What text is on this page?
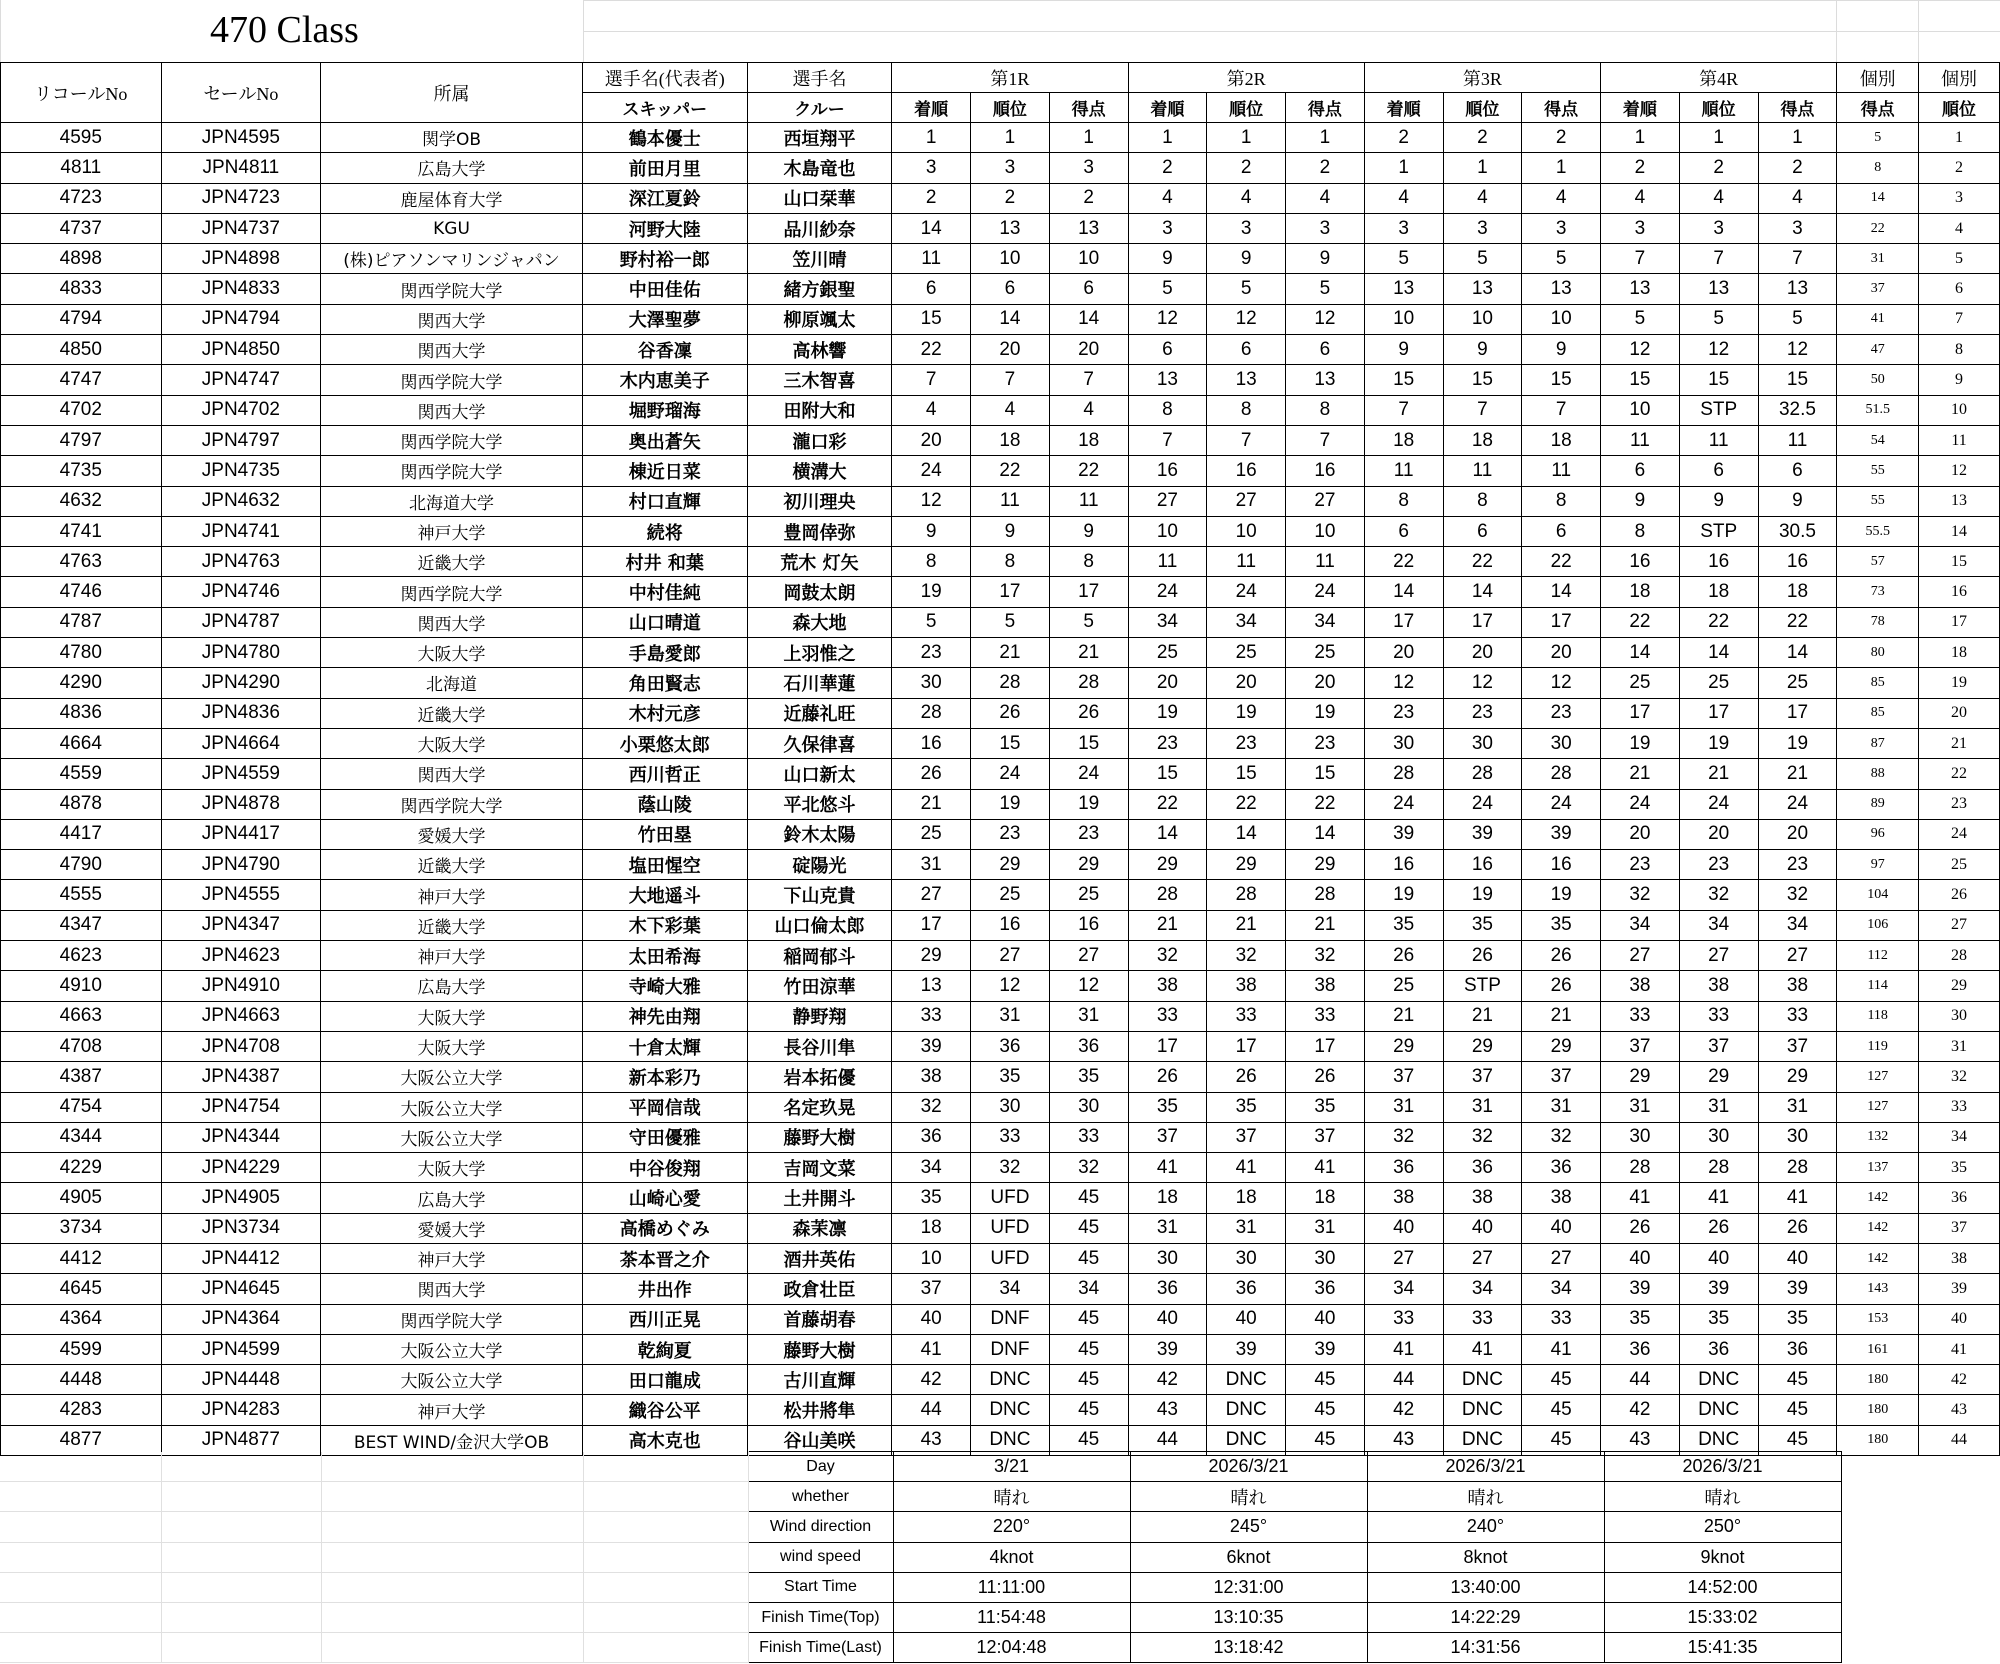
470 Class
リコールNo	セールNo	所属	選手名(代表者)	選手名	第1R			第2R			第3R			第4R			個別	個別
			スキッパー	クルー	着順	順位	得点	着順	順位	得点	着順	順位	得点	着順	順位	得点	得点	順位
4595	JPN4595	関学OB	鶴本優士	西垣翔平	1	1	1	1	1	1	2	2	2	1	1	1	5	1
4811	JPN4811	広島大学	前田月里	木島竜也	3	3	3	2	2	2	1	1	1	2	2	2	8	2
4723	JPN4723	鹿屋体育大学	深江夏鈴	山口栞華	2	2	2	4	4	4	4	4	4	4	4	4	14	3
4737	JPN4737	KGU	河野大陸	品川紗奈	14	13	13	3	3	3	3	3	3	3	3	3	22	4
4898	JPN4898	(株)ピアソンマリンジャパン	野村裕一郎	笠川晴	11	10	10	9	9	9	5	5	5	7	7	7	31	5
4833	JPN4833	関西学院大学	中田佳佑	緒方銀聖	6	6	6	5	5	5	13	13	13	13	13	13	37	6
4794	JPN4794	関西大学	大澤聖夢	柳原颯太	15	14	14	12	12	12	10	10	10	5	5	5	41	7
4850	JPN4850	関西大学	谷香凜	高林響	22	20	20	6	6	6	9	9	9	12	12	12	47	8
4747	JPN4747	関西学院大学	木内恵美子	三木智喜	7	7	7	13	13	13	15	15	15	15	15	15	50	9
4702	JPN4702	関西大学	堀野瑠海	田附大和	4	4	4	8	8	8	7	7	7	10	STP	32.5	51.5	10
4797	JPN4797	関西学院大学	奥出蒼矢	瀧口彩	20	18	18	7	7	7	18	18	18	11	11	11	54	11
4735	JPN4735	関西学院大学	棟近日菜	横溝大	24	22	22	16	16	16	11	11	11	6	6	6	55	12
4632	JPN4632	北海道大学	村口直輝	初川理央	12	11	11	27	27	27	8	8	8	9	9	9	55	13
4741	JPN4741	神戸大学	続将	豊岡倖弥	9	9	9	10	10	10	6	6	6	8	STP	30.5	55.5	14
4763	JPN4763	近畿大学	村井 和葉	荒木 灯矢	8	8	8	11	11	11	22	22	22	16	16	16	57	15
4746	JPN4746	関西学院大学	中村佳純	岡鼓太朗	19	17	17	24	24	24	14	14	14	18	18	18	73	16
4787	JPN4787	関西大学	山口晴道	森大地	5	5	5	34	34	34	17	17	17	22	22	22	78	17
4780	JPN4780	大阪大学	手島愛郎	上羽惟之	23	21	21	25	25	25	20	20	20	14	14	14	80	18
4290	JPN4290	北海道	角田賢志	石川華蓮	30	28	28	20	20	20	12	12	12	25	25	25	85	19
4836	JPN4836	近畿大学	木村元彦	近藤礼旺	28	26	26	19	19	19	23	23	23	17	17	17	85	20
4664	JPN4664	大阪大学	小栗悠太郎	久保律喜	16	15	15	23	23	23	30	30	30	19	19	19	87	21
4559	JPN4559	関西大学	西川哲正	山口新太	26	24	24	15	15	15	28	28	28	21	21	21	88	22
4878	JPN4878	関西学院大学	蔭山陵	平北悠斗	21	19	19	22	22	22	24	24	24	24	24	24	89	23
4417	JPN4417	愛媛大学	竹田塁	鈴木太陽	25	23	23	14	14	14	39	39	39	20	20	20	96	24
4790	JPN4790	近畿大学	塩田惺空	碇陽光	31	29	29	29	29	29	16	16	16	23	23	23	97	25
4555	JPN4555	神戸大学	大地遥斗	下山克貴	27	25	25	28	28	28	19	19	19	32	32	32	104	26
4347	JPN4347	近畿大学	木下彩葉	山口倫太郎	17	16	16	21	21	21	35	35	35	34	34	34	106	27
4623	JPN4623	神戸大学	太田希海	稲岡郁斗	29	27	27	32	32	32	26	26	26	27	27	27	112	28
4910	JPN4910	広島大学	寺崎大雅	竹田涼華	13	12	12	38	38	38	25	STP	26	38	38	38	114	29
4663	JPN4663	大阪大学	神先由翔	静野翔	33	31	31	33	33	33	21	21	21	33	33	33	118	30
4708	JPN4708	大阪大学	十倉太輝	長谷川隼	39	36	36	17	17	17	29	29	29	37	37	37	119	31
4387	JPN4387	大阪公立大学	新本彩乃	岩本拓優	38	35	35	26	26	26	37	37	37	29	29	29	127	32
4754	JPN4754	大阪公立大学	平岡信哉	名定玖晃	32	30	30	35	35	35	31	31	31	31	31	31	127	33
4344	JPN4344	大阪公立大学	守田優雅	藤野大樹	36	33	33	37	37	37	32	32	32	30	30	30	132	34
4229	JPN4229	大阪大学	中谷俊翔	吉岡文菜	34	32	32	41	41	41	36	36	36	28	28	28	137	35
4905	JPN4905	広島大学	山崎心愛	土井開斗	35	UFD	45	18	18	18	38	38	38	41	41	41	142	36
3734	JPN3734	愛媛大学	高橋めぐみ	森茉凛	18	UFD	45	31	31	31	40	40	40	26	26	26	142	37
4412	JPN4412	神戸大学	茶本晋之介	酒井英佑	10	UFD	45	30	30	30	27	27	27	40	40	40	142	38
4645	JPN4645	関西大学	井出作	政倉壮臣	37	34	34	36	36	36	34	34	34	39	39	39	143	39
4364	JPN4364	関西学院大学	西川正晃	首藤胡春	40	DNF	45	40	40	40	33	33	33	35	35	35	153	40
4599	JPN4599	大阪公立大学	乾絢夏	藤野大樹	41	DNF	45	39	39	39	41	41	41	36	36	36	161	41
4448	JPN4448	大阪公立大学	田口龍成	古川直輝	42	DNC	45	42	DNC	45	44	DNC	45	44	DNC	45	180	42
4283	JPN4283	神戸大学	織谷公平	松井將隼	44	DNC	45	43	DNC	45	42	DNC	45	42	DNC	45	180	43
4877	JPN4877	BEST WIND/金沢大学OB	高木克也	谷山美咲	43	DNC	45	44	DNC	45	43	DNC	45	43	DNC	45	180	44
				Day	3/21	2026/3/21	2026/3/21	2026/3/21
				whether	晴れ	晴れ	晴れ	晴れ
				Wind direction	220°	245°	240°	250°
				wind speed	4knot	6knot	8knot	9knot
				Start Time	11:11:00	12:31:00	13:40:00	14:52:00
				Finish Time(Top)	11:54:48	13:10:35	14:22:29	15:33:02
				Finish Time(Last)	12:04:48	13:18:42	14:31:56	15:41:35
